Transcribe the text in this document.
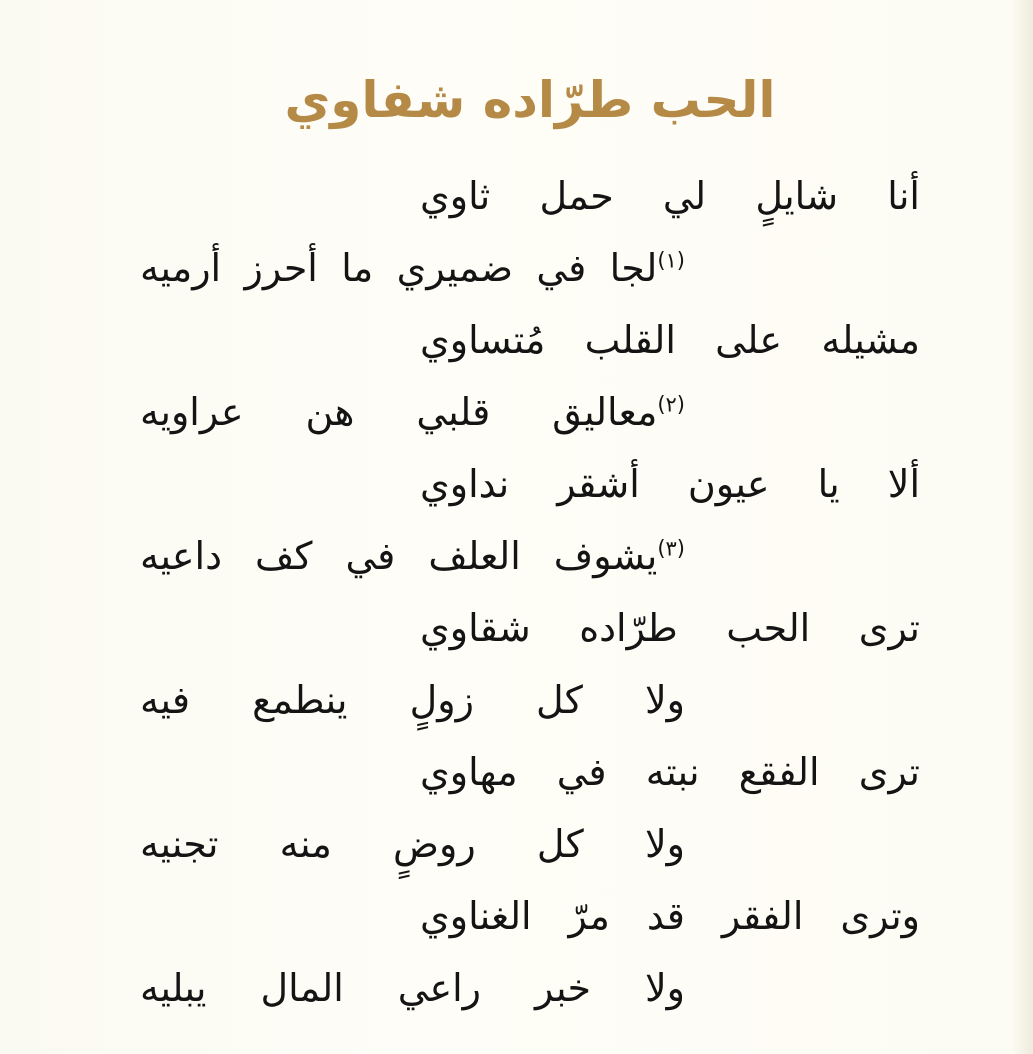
الحب طرّاده شفاوي
أنا شايلٍ لي حمل ثاوي
$^{(١)}$لجا في ضميري ما أحرز أرميه
مشيله على القلب مُتساوي
$^{(٢)}$معاليق قلبي هن عراويه
ألا يا عيون أشقر نداوي
$^{(٣)}$يشوف العلف في كف داعيه
ترى الحب طرّاده شقاوي
ولا كل زولٍ ينطمع فيه
ترى الفقع نبته في مهاوي
ولا كل روضٍ منه تجنيه
وترى الفقر قد مرّ الغناوي
ولا خبر راعي المال يبليه
